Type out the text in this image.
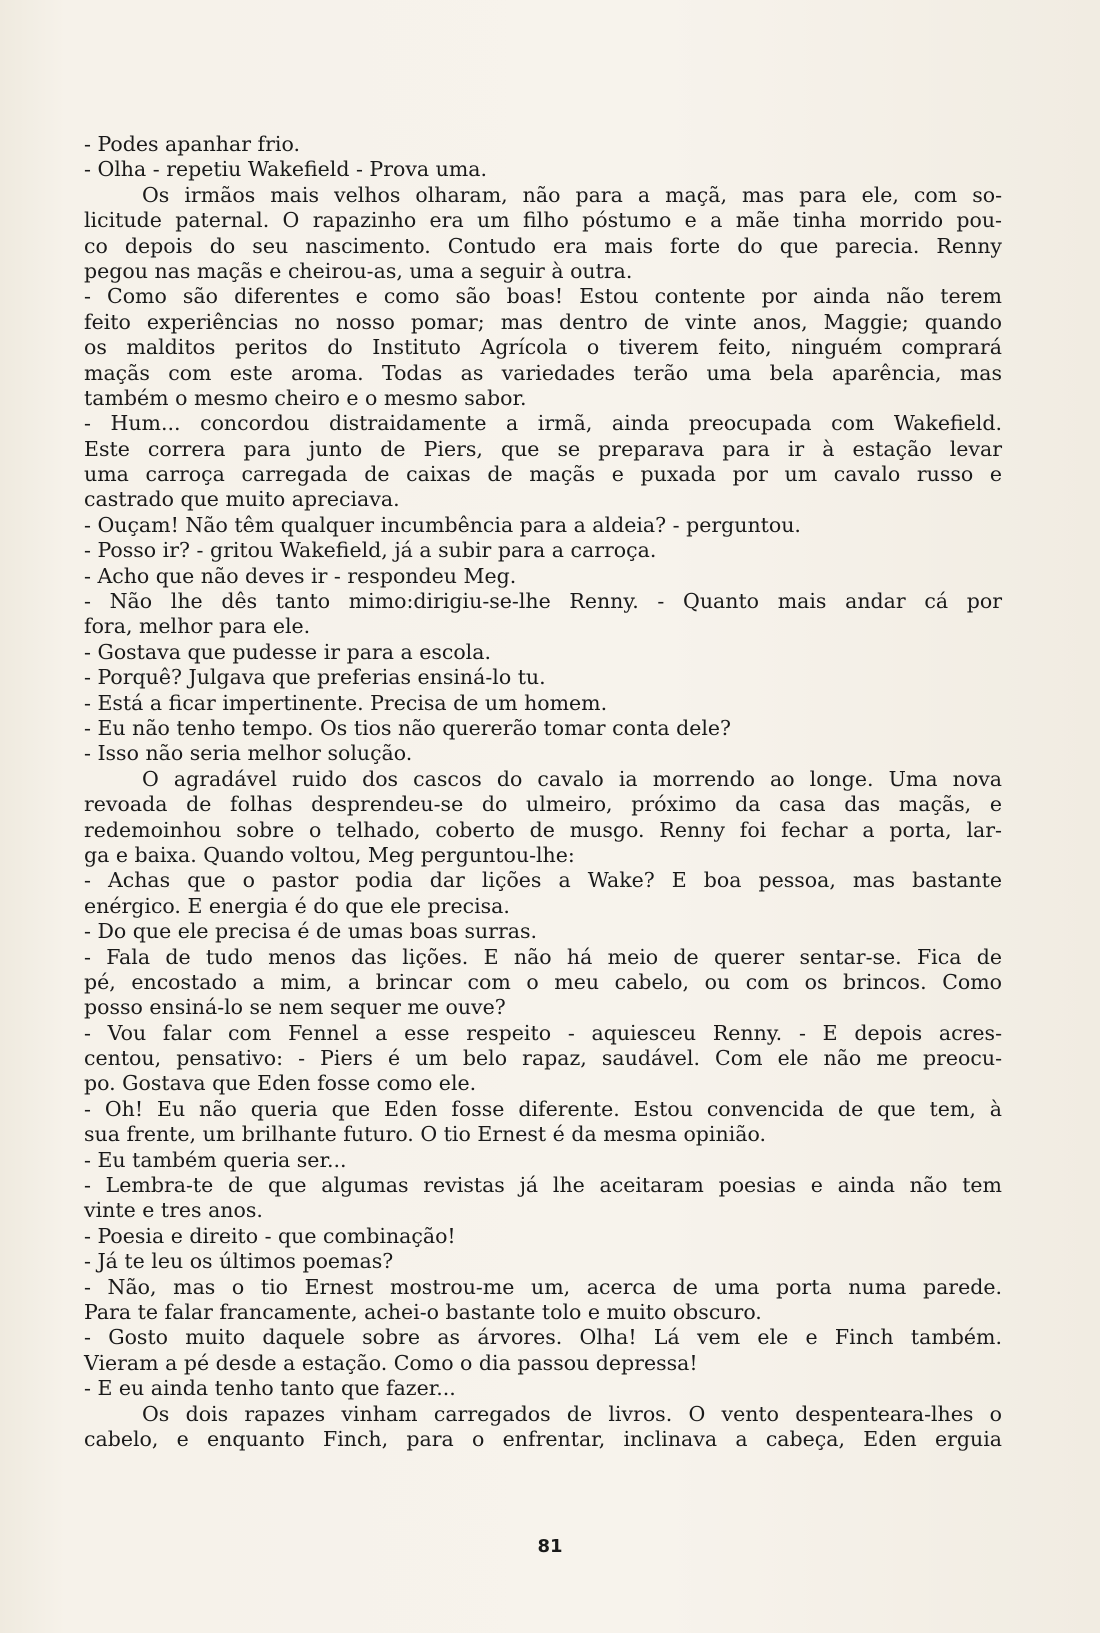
- Podes apanhar frio.
- Olha - repetiu Wakefield - Prova uma.
Os irmãos mais velhos olharam, não para a maçã, mas para ele, com so-
licitude paternal. O rapazinho era um filho póstumo e a mãe tinha morrido pou-
co depois do seu nascimento. Contudo era mais forte do que parecia. Renny
pegou nas maçãs e cheirou-as, uma a seguir à outra.
- Como são diferentes e como são boas! Estou contente por ainda não terem
feito experiências no nosso pomar; mas dentro de vinte anos, Maggie; quando
os malditos peritos do Instituto Agrícola o tiverem feito, ninguém comprará
maçãs com este aroma. Todas as variedades terão uma bela aparência, mas
também o mesmo cheiro e o mesmo sabor.
- Hum... concordou distraidamente a irmã, ainda preocupada com Wakefield.
Este correra para junto de Piers, que se preparava para ir à estação levar
uma carroça carregada de caixas de maçãs e puxada por um cavalo russo e
castrado que muito apreciava.
- Ouçam! Não têm qualquer incumbência para a aldeia? - perguntou.
- Posso ir? - gritou Wakefield, já a subir para a carroça.
- Acho que não deves ir - respondeu Meg.
- Não lhe dês tanto mimo:dirigiu-se-lhe Renny. - Quanto mais andar cá por
fora, melhor para ele.
- Gostava que pudesse ir para a escola.
- Porquê? Julgava que preferias ensiná-lo tu.
- Está a ficar impertinente. Precisa de um homem.
- Eu não tenho tempo. Os tios não quererão tomar conta dele?
- Isso não seria melhor solução.
O agradável ruido dos cascos do cavalo ia morrendo ao longe. Uma nova
revoada de folhas desprendeu-se do ulmeiro, próximo da casa das maçãs, e
redemoinhou sobre o telhado, coberto de musgo. Renny foi fechar a porta, lar-
ga e baixa. Quando voltou, Meg perguntou-lhe:
- Achas que o pastor podia dar lições a Wake? E boa pessoa, mas bastante
enérgico. E energia é do que ele precisa.
- Do que ele precisa é de umas boas surras.
- Fala de tudo menos das lições. E não há meio de querer sentar-se. Fica de
pé, encostado a mim, a brincar com o meu cabelo, ou com os brincos. Como
posso ensiná-lo se nem sequer me ouve?
- Vou falar com Fennel a esse respeito - aquiesceu Renny. - E depois acres-
centou, pensativo: - Piers é um belo rapaz, saudável. Com ele não me preocu-
po. Gostava que Eden fosse como ele.
- Oh! Eu não queria que Eden fosse diferente. Estou convencida de que tem, à
sua frente, um brilhante futuro. O tio Ernest é da mesma opinião.
- Eu também queria ser...
- Lembra-te de que algumas revistas já lhe aceitaram poesias e ainda não tem
vinte e tres anos.
- Poesia e direito - que combinação!
- Já te leu os últimos poemas?
- Não, mas o tio Ernest mostrou-me um, acerca de uma porta numa parede.
Para te falar francamente, achei-o bastante tolo e muito obscuro.
- Gosto muito daquele sobre as árvores. Olha! Lá vem ele e Finch também.
Vieram a pé desde a estação. Como o dia passou depressa!
- E eu ainda tenho tanto que fazer...
Os dois rapazes vinham carregados de livros. O vento despenteara-lhes o
cabelo, e enquanto Finch, para o enfrentar, inclinava a cabeça, Eden erguia
81
